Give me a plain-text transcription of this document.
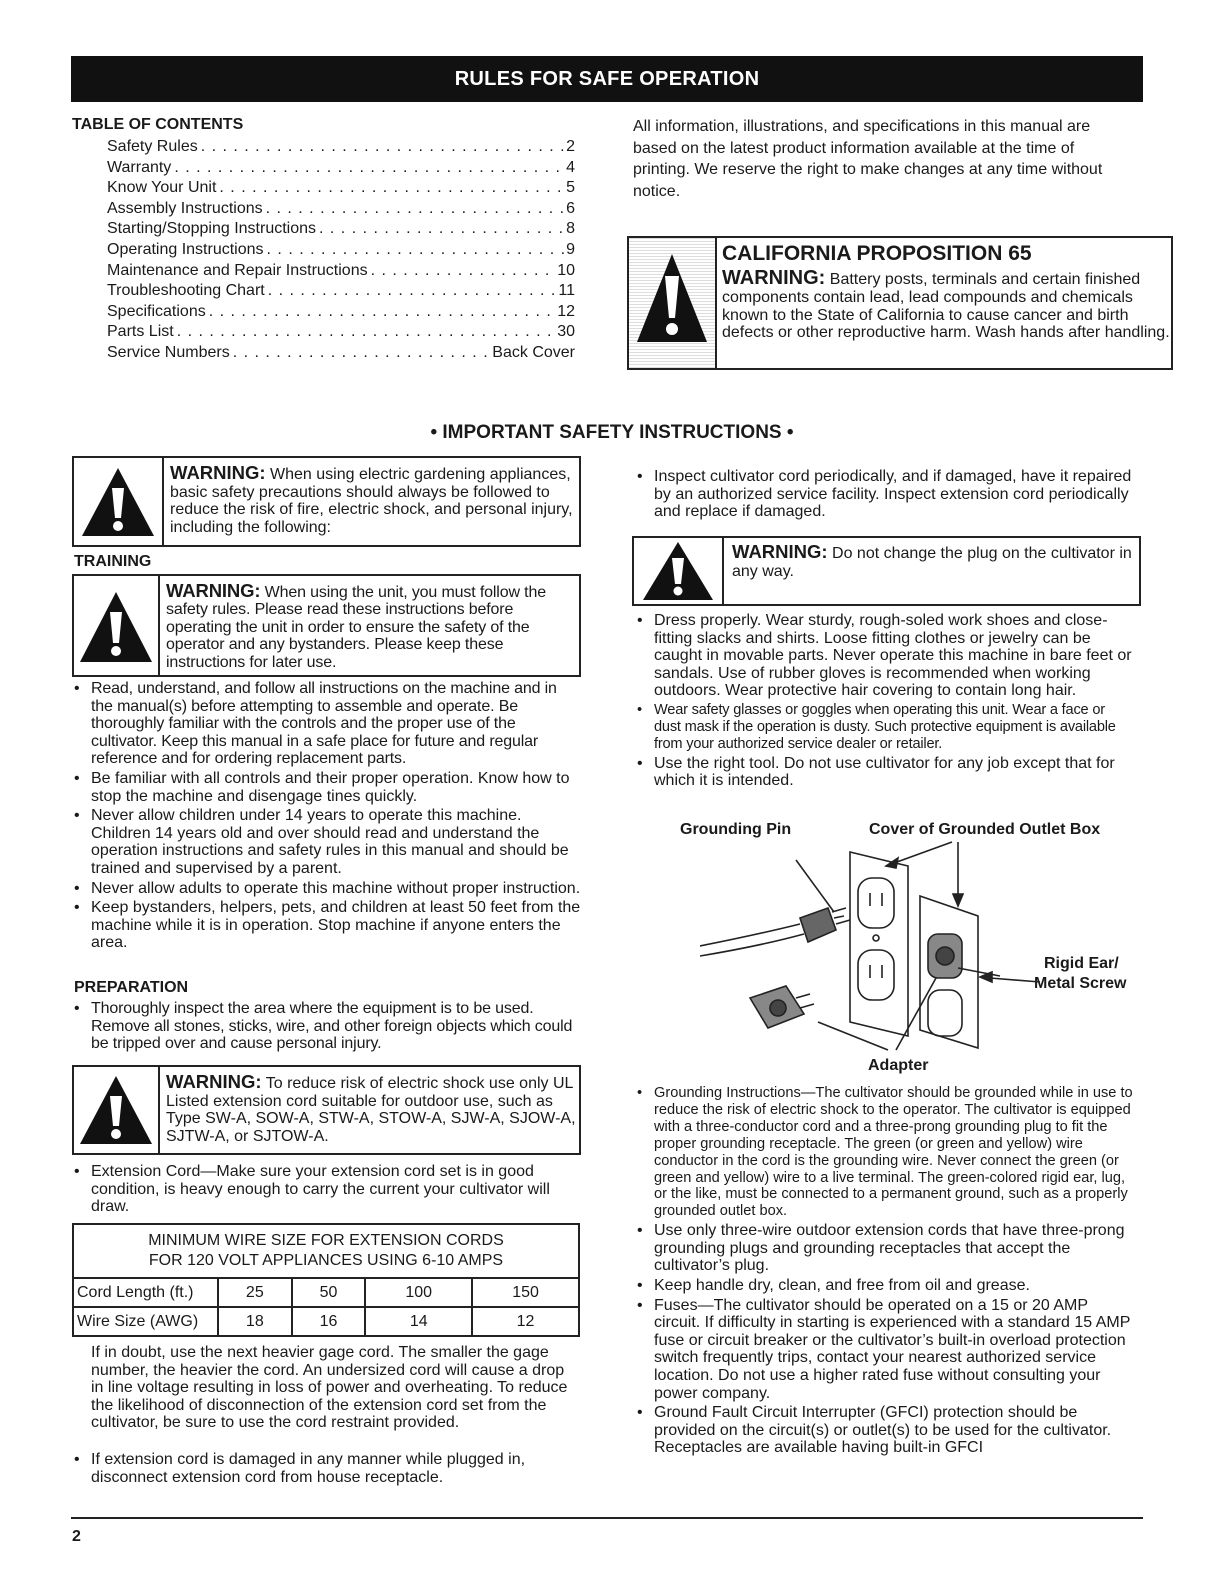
RULES FOR SAFE OPERATION
TABLE OF CONTENTS
Safety Rules . . .	2
Warranty . . .	4
Know Your Unit . . .	5
Assembly Instructions . . .	6
Starting/Stopping Instructions . . .	8
Operating Instructions . . .	9
Maintenance and Repair Instructions . . .	10
Troubleshooting Chart . . .	11
Specifications . . .	12
Parts List . . .	30
Service Numbers . . .	Back Cover

All information, illustrations, and specifications in this manual are based on the latest product information available at the time of printing. We reserve the right to make changes at any time without notice.

CALIFORNIA PROPOSITION 65

WARNING: Battery posts, terminals and certain finished components contain lead, lead compounds and chemicals known to the State of California to cause cancer and birth defects or other reproductive harm. Wash hands after handling.

• IMPORTANT SAFETY INSTRUCTIONS •

WARNING: When using electric gardening appliances, basic safety precautions should always be followed to reduce the risk of fire, electric shock, and personal injury, including the following:

TRAINING

WARNING: When using the unit, you must follow the safety rules. Please read these instructions before operating the unit in order to ensure the safety of the operator and any bystanders. Please keep these instructions for later use.

• Read, understand, and follow all instructions on the machine and in the manual(s) before attempting to assemble and operate. Be thoroughly familiar with the controls and the proper use of the cultivator. Keep this manual in a safe place for future and regular reference and for ordering replacement parts.
• Be familiar with all controls and their proper operation. Know how to stop the machine and disengage tines quickly.
• Never allow children under 14 years to operate this machine. Children 14 years old and over should read and understand the operation instructions and safety rules in this manual and should be trained and supervised by a parent.
• Never allow adults to operate this machine without proper instruction.
• Keep bystanders, helpers, pets, and children at least 50 feet from the machine while it is in operation. Stop machine if anyone enters the area.
PREPARATION
• Thoroughly inspect the area where the equipment is to be used. Remove all stones, sticks, wire, and other foreign objects which could be tripped over and cause personal injury.

WARNING: To reduce risk of electric shock use only UL Listed extension cord suitable for outdoor use, such as Type SW-A, SOW-A, STW-A, STOW-A, SJW-A, SJOW-A, SJTW-A, or SJTOW-A.

• Extension Cord—Make sure your extension cord set is in good condition, is heavy enough to carry the current your cultivator will draw.
MINIMUM WIRE SIZE FOR EXTENSION CORDS
FOR 120 VOLT APPLIANCES USING 6-10 AMPS				

Cord Length (ft.)	25	50	100	150
Wire Size (AWG)	18	16	14	12

If in doubt, use the next heavier gage cord. The smaller the gage number, the heavier the cord. An undersized cord will cause a drop in line voltage resulting in loss of power and overheating. To reduce the likelihood of disconnection of the extension cord set from the cultivator, be sure to use the cord restraint provided.

• If extension cord is damaged in any manner while plugged in, disconnect extension cord from house receptacle.
• Inspect cultivator cord periodically, and if damaged, have it repaired by an authorized service facility. Inspect extension cord periodically and replace if damaged.

WARNING: Do not change the plug on the cultivator in any way.

• Dress properly. Wear sturdy, rough-soled work shoes and close-fitting slacks and shirts. Loose fitting clothes or jewelry can be caught in movable parts. Never operate this machine in bare feet or sandals. Use of rubber gloves is recommended when working outdoors. Wear protective hair covering to contain long hair.
• Wear safety glasses or goggles when operating this unit. Wear a face or dust mask if the operation is dusty. Such protective equipment is available from your authorized service dealer or retailer.
• Use the right tool. Do not use cultivator for any job except that for which it is intended.
Grounding Pin	Cover of Grounded Outlet Box
Rigid Ear/
Metal Screw
Adapter
• Grounding Instructions—The cultivator should be grounded while in use to reduce the risk of electric shock to the operator. The cultivator is equipped with a three-conductor cord and a three-prong grounding plug to fit the proper grounding receptacle. The green (or green and yellow) wire conductor in the cord is the grounding wire. Never connect the green (or green and yellow) wire to a live terminal. The green-colored rigid ear, lug, or the like, must be connected to a permanent ground, such as a properly grounded outlet box.
• Use only three-wire outdoor extension cords that have three-prong grounding plugs and grounding receptacles that accept the cultivator’s plug.
• Keep handle dry, clean, and free from oil and grease.
• Fuses—The cultivator should be operated on a 15 or 20 AMP circuit. If difficulty in starting is experienced with a standard 15 AMP fuse or circuit breaker or the cultivator’s built-in overload protection switch frequently trips, contact your nearest authorized service location. Do not use a higher rated fuse without consulting your power company.
• Ground Fault Circuit Interrupter (GFCI) protection should be provided on the circuit(s) or outlet(s) to be used for the cultivator. Receptacles are available having built-in GFCI
2
